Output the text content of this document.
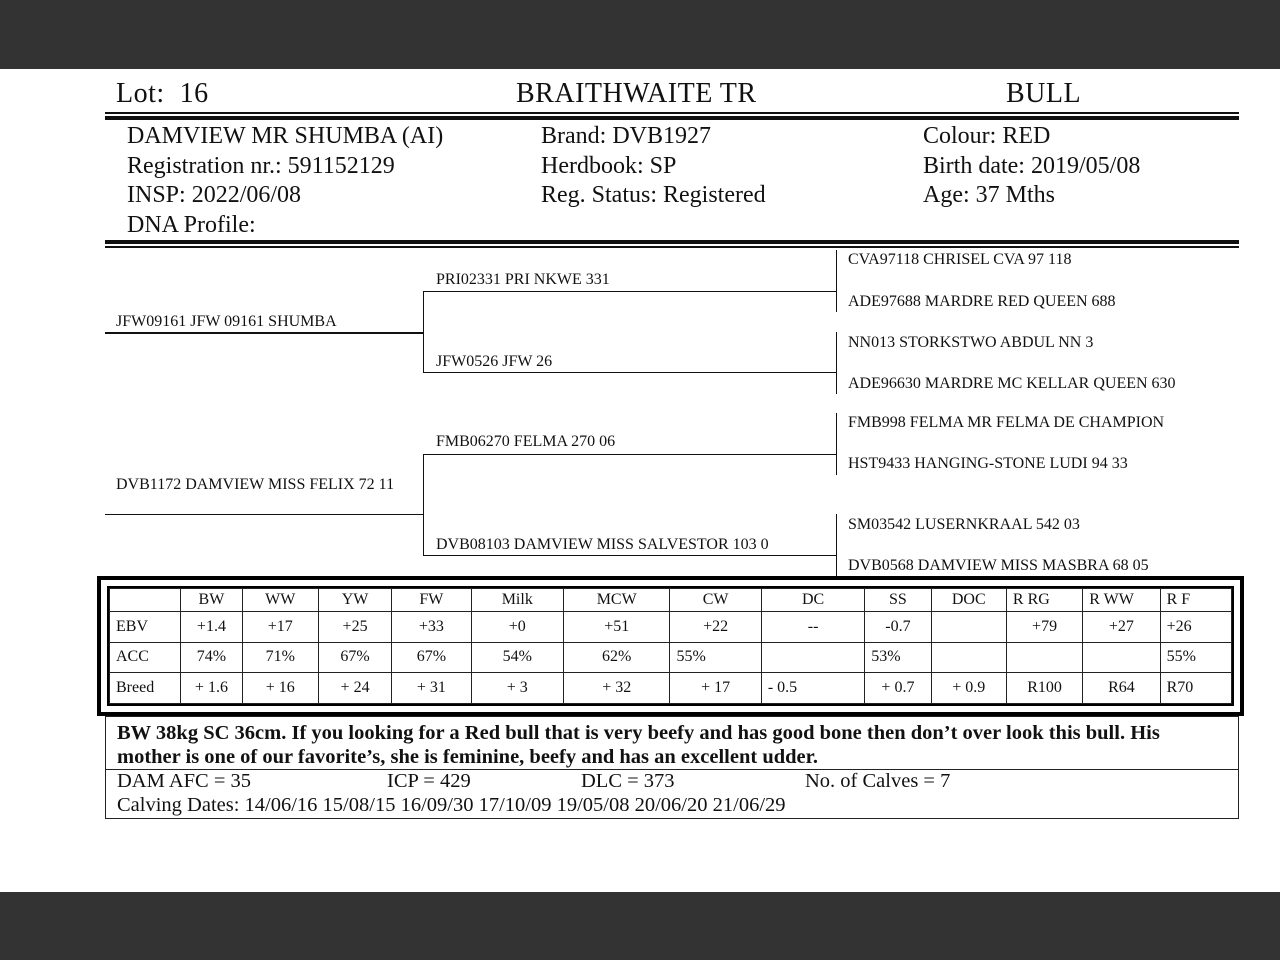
Lot: 16	BRAITHWAITE TR	BULL
DAMVIEW MR SHUMBA (AI)
Registration nr.: 591152129
INSP: 2022/06/08
DNA Profile:
Brand: DVB1927
Herdbook: SP
Reg. Status: Registered
Colour: RED
Birth date: 2019/05/08
Age: 37 Mths
JFW09161 JFW 09161 SHUMBA
DVB1172 DAMVIEW MISS FELIX 72 11
PRI02331 PRI NKWE 331
JFW0526 JFW 26
FMB06270 FELMA 270 06
DVB08103 DAMVIEW MISS SALVESTOR 103 0
CVA97118 CHRISEL CVA 97 118
ADE97688 MARDRE RED QUEEN 688
NN013 STORKSTWO ABDUL NN 3
ADE96630 MARDRE MC KELLAR QUEEN 630
FMB998 FELMA MR FELMA DE CHAMPION
HST9433 HANGING-STONE LUDI 94 33
SM03542 LUSERNKRAAL 542 03
DVB0568 DAMVIEW MISS MASBRA 68 05
	BW	WW	YW	FW	Milk	MCW	CW	DC	SS	DOC	R RG	R WW	R F
EBV	+1.4	+17	+25	+33	+0	+51	+22	--	-0.7		+79	+27	+26
ACC	74%	71%	67%	67%	54%	62%	55%		53%				55%
Breed	+ 1.6	+ 16	+ 24	+ 31	+ 3	+ 32	+ 17	- 0.5	+ 0.7	+ 0.9	R100	R64	R70
BW 38kg SC 36cm. If you looking for a Red bull that is very beefy and has good bone then don’t over look this bull. His mother is one of our favorite’s, she is feminine, beefy and has an excellent udder.
DAM AFC = 35	ICP = 429	DLC = 373	No. of Calves = 7
Calving Dates: 14/06/16 15/08/15 16/09/30 17/10/09 19/05/08 20/06/20 21/06/29
